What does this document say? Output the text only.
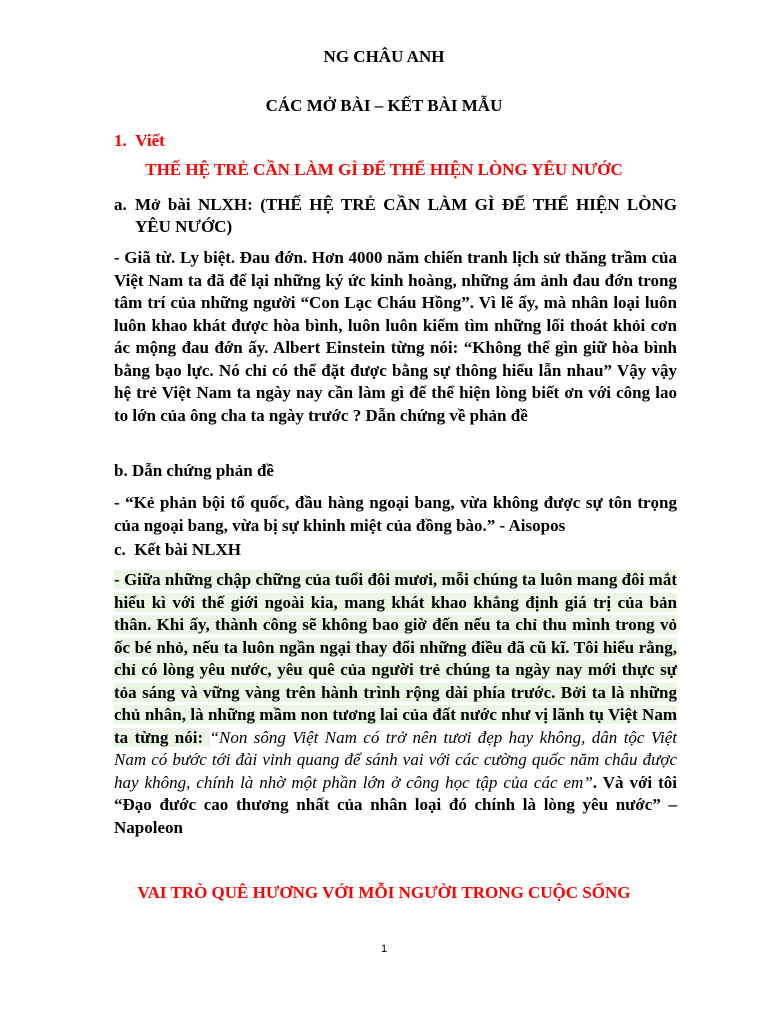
NG CHÂU ANH
CÁC MỞ BÀI – KẾT BÀI MẪU
1. Viết
THẾ HỆ TRẺ CẦN LÀM GÌ ĐỂ THỂ HIỆN LÒNG YÊU NƯỚC
a. Mở bài NLXH: (THẾ HỆ TRẺ CẦN LÀM GÌ ĐỂ THỂ HIỆN LÒNG

YÊU NƯỚC)

- Giã từ. Ly biệt. Đau đớn. Hơn 4000 năm chiến tranh lịch sử thăng trầm của Việt Nam ta đã để lại những ký ức kinh hoàng, những ám ảnh đau đớn trong tâm trí của những người “Con Lạc Cháu Hồng”. Vì lẽ ấy, mà nhân loại luôn luôn khao khát được hòa bình, luôn luôn kiếm tìm những lối thoát khỏi cơn ác mộng đau đớn ấy. Albert Einstein từng nói: “Không thể gìn giữ hòa bình bằng bạo lực. Nó chỉ có thể đặt được bằng sự thông hiểu lẫn nhau” Vậy vậy hệ trẻ Việt Nam ta ngày nay cần làm gì để thể hiện lòng biết ơn với công lao to lớn của ông cha ta ngày trước ? Dẫn chứng về phản đề

b. Dẫn chứng phản đề

- “Kẻ phản bội tổ quốc, đầu hàng ngoại bang, vừa không được sự tôn trọng của ngoại bang, vừa bị sự khinh miệt của đồng bào.” - Aisopos

c. Kết bài NLXH

- Giữa những chập chững của tuổi đôi mươi, mỗi chúng ta luôn mang đôi mắt hiếu kì với thế giới ngoài kia, mang khát khao khẳng định giá trị của bản thân. Khi ấy, thành công sẽ không bao giờ đến nếu ta chỉ thu mình trong vỏ ốc bé nhỏ, nếu ta luôn ngần ngại thay đổi những điều đã cũ kĩ. Tôi hiểu rằng, chỉ có lòng yêu nước, yêu quê của người trẻ chúng ta ngày nay mới thực sự tỏa sáng và vững vàng trên hành trình rộng dài phía trước. Bởi ta là những chủ nhân, là những mầm non tương lai của đất nước như vị lãnh tụ Việt Nam ta từng nói: “Non sông Việt Nam có trở nên tươi đẹp hay không, dân tộc Việt Nam có bước tới đài vinh quang để sánh vai với các cường quốc năm châu được hay không, chính là nhờ một phần lớn ở công học tập của các em”. Và với tôi “Đạo đước cao thương nhất của nhân loại đó chính là lòng yêu nước” – Napoleon

VAI TRÒ QUÊ HƯƠNG VỚI MỖI NGƯỜI TRONG CUỘC SỐNG
1
